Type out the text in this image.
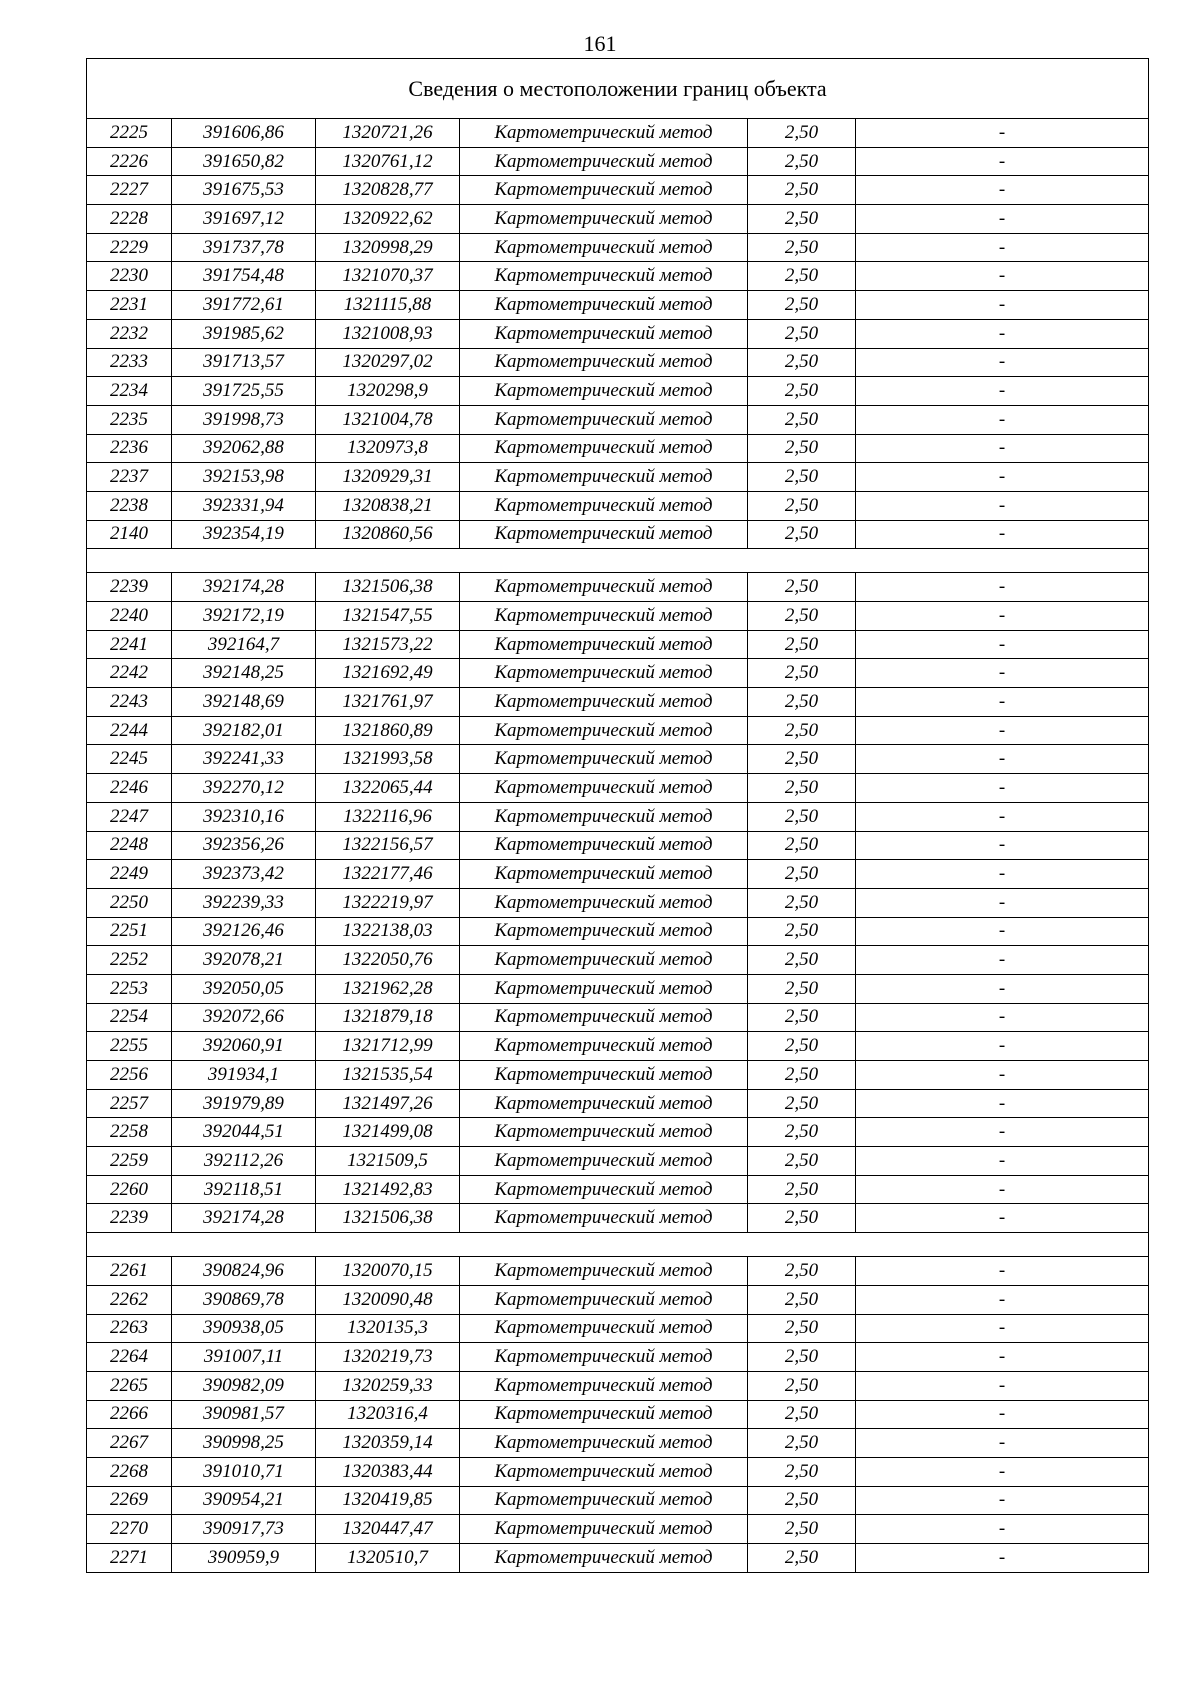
161
Сведения о местоположении границ объекта					
2225	391606,86	1320721,26	Картометрический метод	2,50	-
2226	391650,82	1320761,12	Картометрический метод	2,50	-
2227	391675,53	1320828,77	Картометрический метод	2,50	-
2228	391697,12	1320922,62	Картометрический метод	2,50	-
2229	391737,78	1320998,29	Картометрический метод	2,50	-
2230	391754,48	1321070,37	Картометрический метод	2,50	-
2231	391772,61	1321115,88	Картометрический метод	2,50	-
2232	391985,62	1321008,93	Картометрический метод	2,50	-
2233	391713,57	1320297,02	Картометрический метод	2,50	-
2234	391725,55	1320298,9	Картометрический метод	2,50	-
2235	391998,73	1321004,78	Картометрический метод	2,50	-
2236	392062,88	1320973,8	Картометрический метод	2,50	-
2237	392153,98	1320929,31	Картометрический метод	2,50	-
2238	392331,94	1320838,21	Картометрический метод	2,50	-
2140	392354,19	1320860,56	Картометрический метод	2,50	-

2239	392174,28	1321506,38	Картометрический метод	2,50	-
2240	392172,19	1321547,55	Картометрический метод	2,50	-
2241	392164,7	1321573,22	Картометрический метод	2,50	-
2242	392148,25	1321692,49	Картометрический метод	2,50	-
2243	392148,69	1321761,97	Картометрический метод	2,50	-
2244	392182,01	1321860,89	Картометрический метод	2,50	-
2245	392241,33	1321993,58	Картометрический метод	2,50	-
2246	392270,12	1322065,44	Картометрический метод	2,50	-
2247	392310,16	1322116,96	Картометрический метод	2,50	-
2248	392356,26	1322156,57	Картометрический метод	2,50	-
2249	392373,42	1322177,46	Картометрический метод	2,50	-
2250	392239,33	1322219,97	Картометрический метод	2,50	-
2251	392126,46	1322138,03	Картометрический метод	2,50	-
2252	392078,21	1322050,76	Картометрический метод	2,50	-
2253	392050,05	1321962,28	Картометрический метод	2,50	-
2254	392072,66	1321879,18	Картометрический метод	2,50	-
2255	392060,91	1321712,99	Картометрический метод	2,50	-
2256	391934,1	1321535,54	Картометрический метод	2,50	-
2257	391979,89	1321497,26	Картометрический метод	2,50	-
2258	392044,51	1321499,08	Картометрический метод	2,50	-
2259	392112,26	1321509,5	Картометрический метод	2,50	-
2260	392118,51	1321492,83	Картометрический метод	2,50	-
2239	392174,28	1321506,38	Картометрический метод	2,50	-

2261	390824,96	1320070,15	Картометрический метод	2,50	-
2262	390869,78	1320090,48	Картометрический метод	2,50	-
2263	390938,05	1320135,3	Картометрический метод	2,50	-
2264	391007,11	1320219,73	Картометрический метод	2,50	-
2265	390982,09	1320259,33	Картометрический метод	2,50	-
2266	390981,57	1320316,4	Картометрический метод	2,50	-
2267	390998,25	1320359,14	Картометрический метод	2,50	-
2268	391010,71	1320383,44	Картометрический метод	2,50	-
2269	390954,21	1320419,85	Картометрический метод	2,50	-
2270	390917,73	1320447,47	Картометрический метод	2,50	-
2271	390959,9	1320510,7	Картометрический метод	2,50	-
